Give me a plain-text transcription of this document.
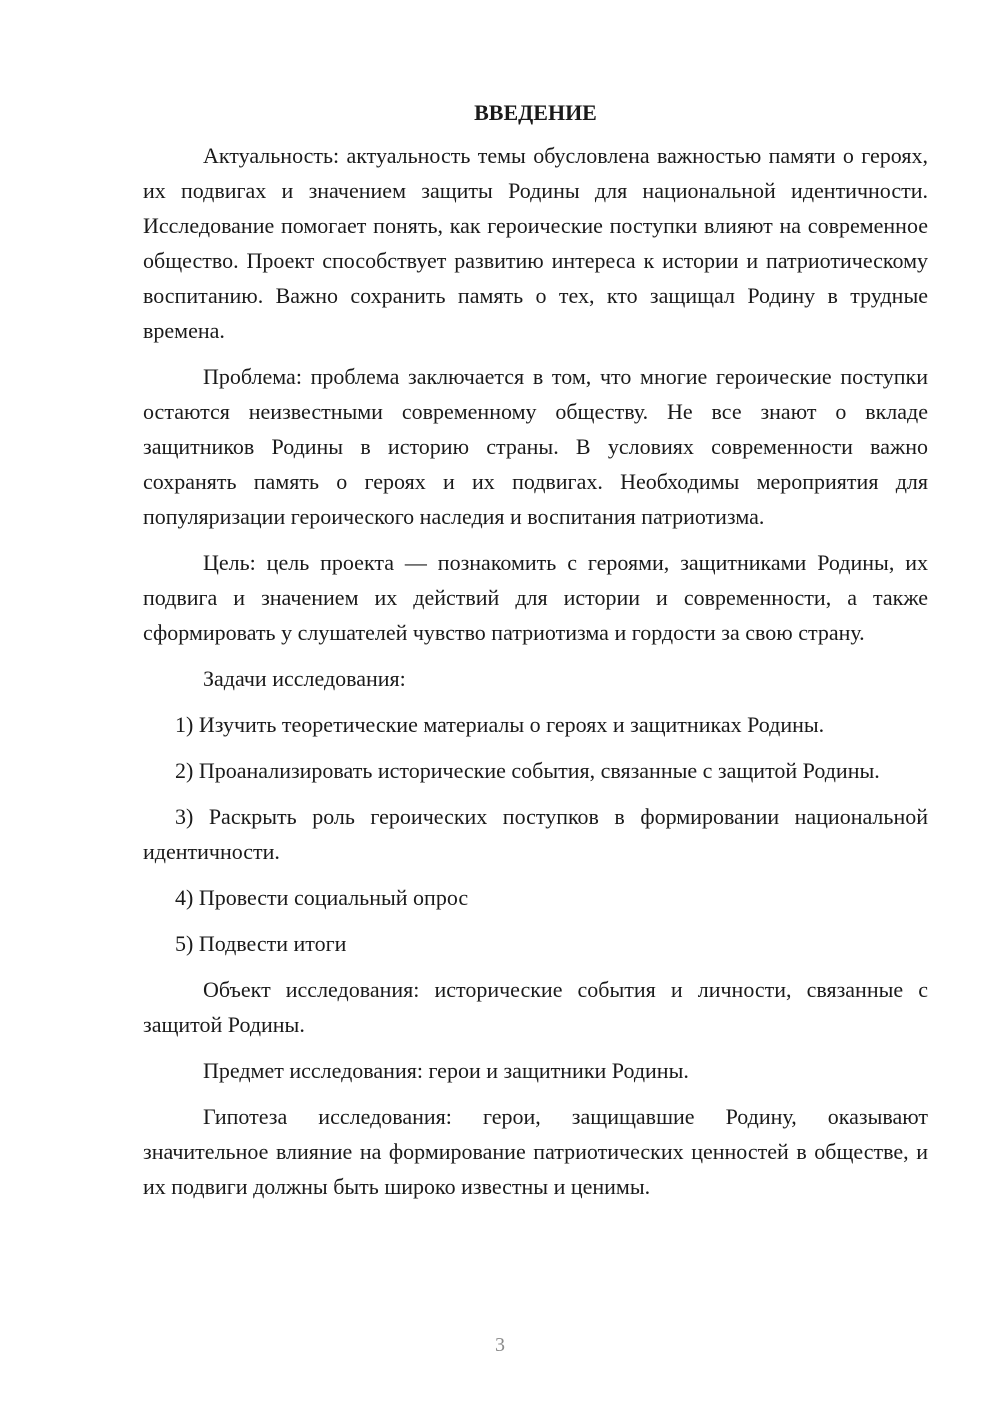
ВВЕДЕНИЕ

Актуальность: актуальность темы обусловлена важностью памяти о героях, их подвигах и значением защиты Родины для национальной идентичности. Исследование помогает понять, как героические поступки влияют на современное общество. Проект способствует развитию интереса к истории и патриотическому воспитанию. Важно сохранить память о тех, кто защищал Родину в трудные времена.

Проблема: проблема заключается в том, что многие героические поступки остаются неизвестными современному обществу. Не все знают о вкладе защитников Родины в историю страны. В условиях современности важно сохранять память о героях и их подвигах. Необходимы мероприятия для популяризации героического наследия и воспитания патриотизма.

Цель: цель проекта — познакомить с героями, защитниками Родины, их подвига и значением их действий для истории и современности, а также сформировать у слушателей чувство патриотизма и гордости за свою страну.

Задачи исследования:

1) Изучить теоретические материалы о героях и защитниках Родины.

2) Проанализировать исторические события, связанные с защитой Родины.

3) Раскрыть роль героических поступков в формировании национальной идентичности.

4) Провести социальный опрос

5) Подвести итоги

Объект исследования: исторические события и личности, связанные с защитой Родины.

Предмет исследования: герои и защитники Родины.

Гипотеза исследования: герои, защищавшие Родину, оказывают значительное влияние на формирование патриотических ценностей в обществе, и их подвиги должны быть широко известны и ценимы.

3
